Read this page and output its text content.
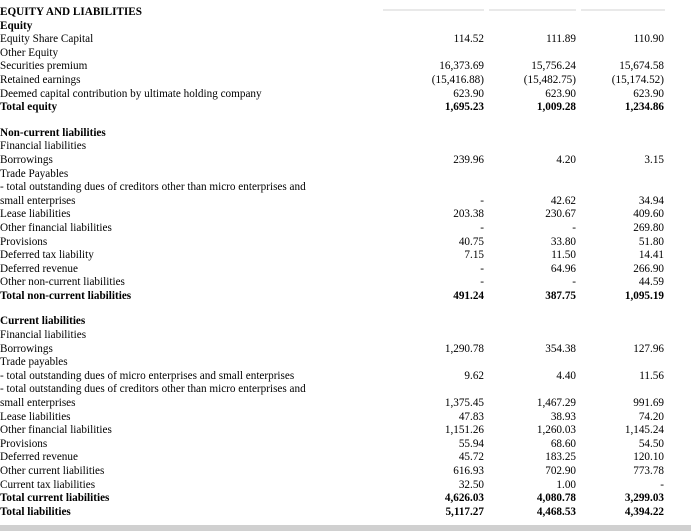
EQUITY AND LIABILITIES						
Equity						
Equity Share Capital	114.52		111.89		110.90	
Other Equity						
Securities premium	16,373.69		15,756.24		15,674.58	
Retained earnings	(15,416.88)		(15,482.75)		(15,174.52)	
Deemed capital contribution by ultimate holding company	623.90		623.90		623.90	
Total equity	1,695.23		1,009.28		1,234.86	

Non-current liabilities						
Financial liabilities						
Borrowings	239.96		4.20		3.15	
Trade Payables						
- total outstanding dues of creditors other than micro enterprises and						
small enterprises	-		42.62		34.94	
Lease liabilities	203.38		230.67		409.60	
Other financial liabilities	-		-		269.80	
Provisions	40.75		33.80		51.80	
Deferred tax liability	7.15		11.50		14.41	
Deferred revenue	-		64.96		266.90	
Other non-current liabilities	-		-		44.59	
Total non-current liabilities	491.24		387.75		1,095.19	

Current liabilities						
Financial liabilities						
Borrowings	1,290.78		354.38		127.96	
Trade payables						
- total outstanding dues of micro enterprises and small enterprises	9.62		4.40		11.56	
- total outstanding dues of creditors other than micro enterprises and						
small enterprises	1,375.45		1,467.29		991.69	
Lease liabilities	47.83		38.93		74.20	
Other financial liabilities	1,151.26		1,260.03		1,145.24	
Provisions	55.94		68.60		54.50	
Deferred revenue	45.72		183.25		120.10	
Other current liabilities	616.93		702.90		773.78	
Current tax liabilities	32.50		1.00		-	
Total current liabilities	4,626.03		4,080.78		3,299.03	
Total liabilities	5,117.27		4,468.53		4,394.22	
